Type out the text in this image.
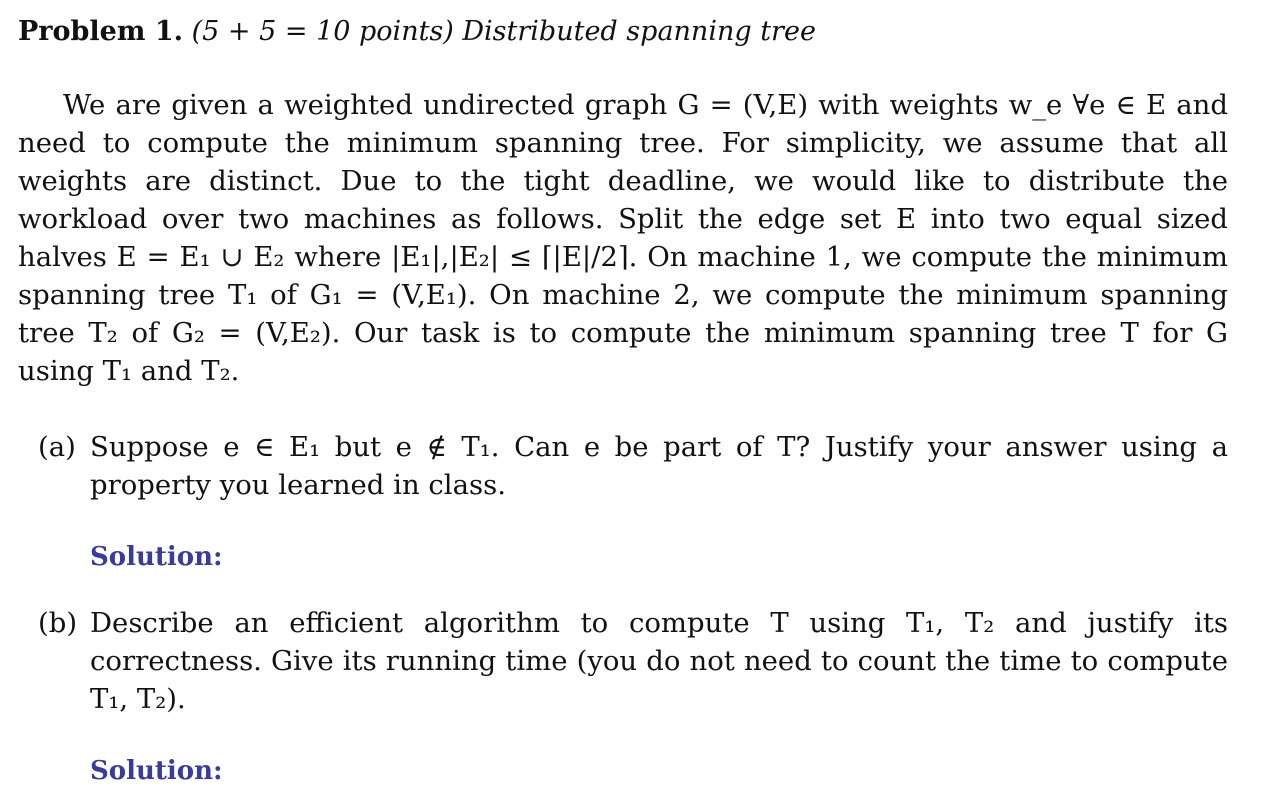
Problem 1. (5 + 5 = 10 points) Distributed spanning tree

We are given a weighted undirected graph G = (V,E) with weights w_e ∀e ∈ E and need to compute the minimum spanning tree. For simplicity, we assume that all weights are distinct. Due to the tight deadline, we would like to distribute the workload over two machines as follows. Split the edge set E into two equal sized halves E = E₁ ∪ E₂ where |E₁|,|E₂| ≤ ⌈|E|/2⌉. On machine 1, we compute the minimum spanning tree T₁ of G₁ = (V,E₁). On machine 2, we compute the minimum spanning tree T₂ of G₂ = (V,E₂). Our task is to compute the minimum spanning tree T for G using T₁ and T₂.

(a) Suppose e ∈ E₁ but e ∉ T₁. Can e be part of T? Justify your answer using a property you learned in class.
Solution:
(b) Describe an efficient algorithm to compute T using T₁, T₂ and justify its correctness. Give its running time (you do not need to count the time to compute T₁, T₂).
Solution:
